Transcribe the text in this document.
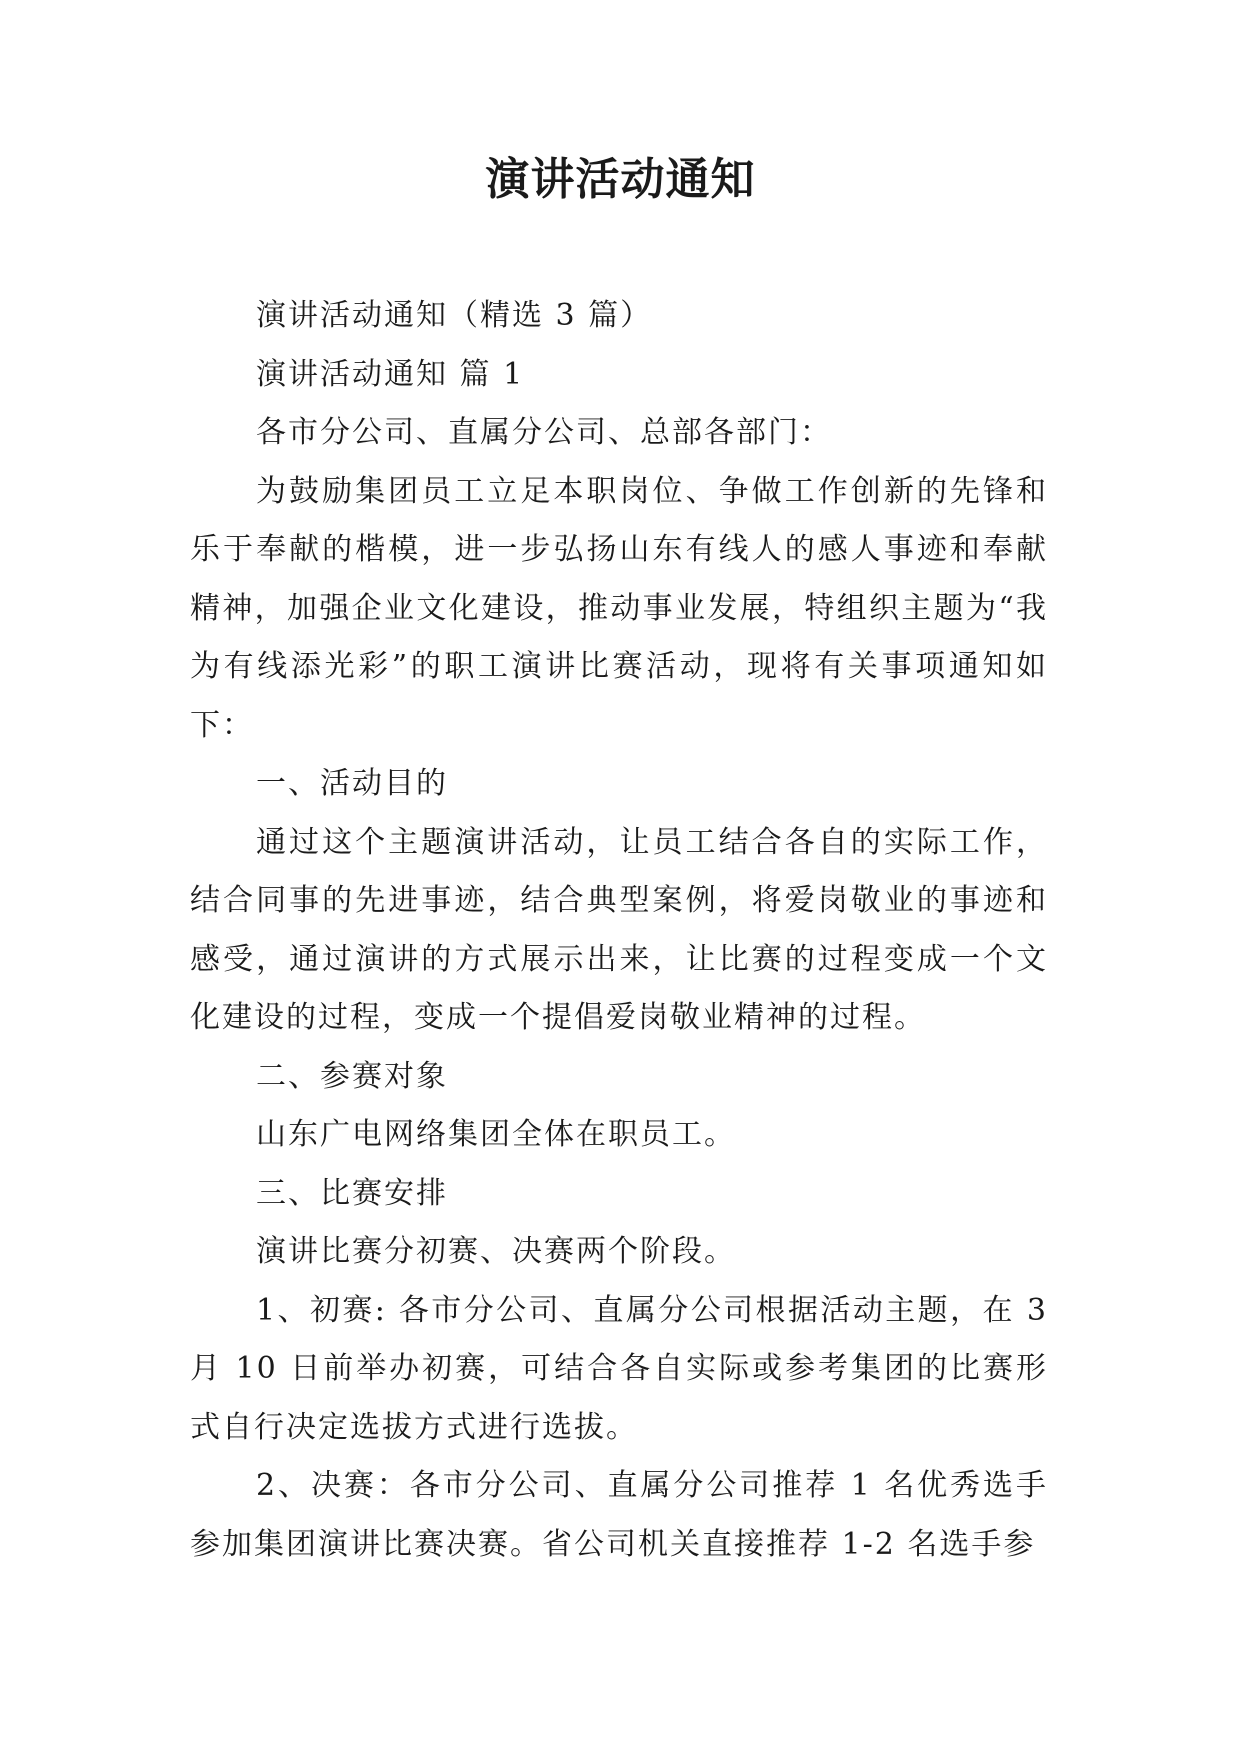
演讲活动通知

演讲活动通知（精选 3 篇）

演讲活动通知 篇 1

各市分公司、直属分公司、总部各部门：

为鼓励集团员工立足本职岗位、争做工作创新的先锋和乐于奉献的楷模，进一步弘扬山东有线人的感人事迹和奉献精神，加强企业文化建设，推动事业发展，特组织主题为“我为有线添光彩”的职工演讲比赛活动，现将有关事项通知如下：

一、活动目的

通过这个主题演讲活动，让员工结合各自的实际工作，结合同事的先进事迹，结合典型案例，将爱岗敬业的事迹和感受，通过演讲的方式展示出来，让比赛的过程变成一个文化建设的过程，变成一个提倡爱岗敬业精神的过程。

二、参赛对象

山东广电网络集团全体在职员工。

三、比赛安排

演讲比赛分初赛、决赛两个阶段。

1、初赛: 各市分公司、直属分公司根据活动主题，在 3 月 10 日前举办初赛，可结合各自实际或参考集团的比赛形式自行决定选拔方式进行选拔。

2、决赛：各市分公司、直属分公司推荐 1 名优秀选手参加集团演讲比赛决赛。省公司机关直接推荐 1-2 名选手参
